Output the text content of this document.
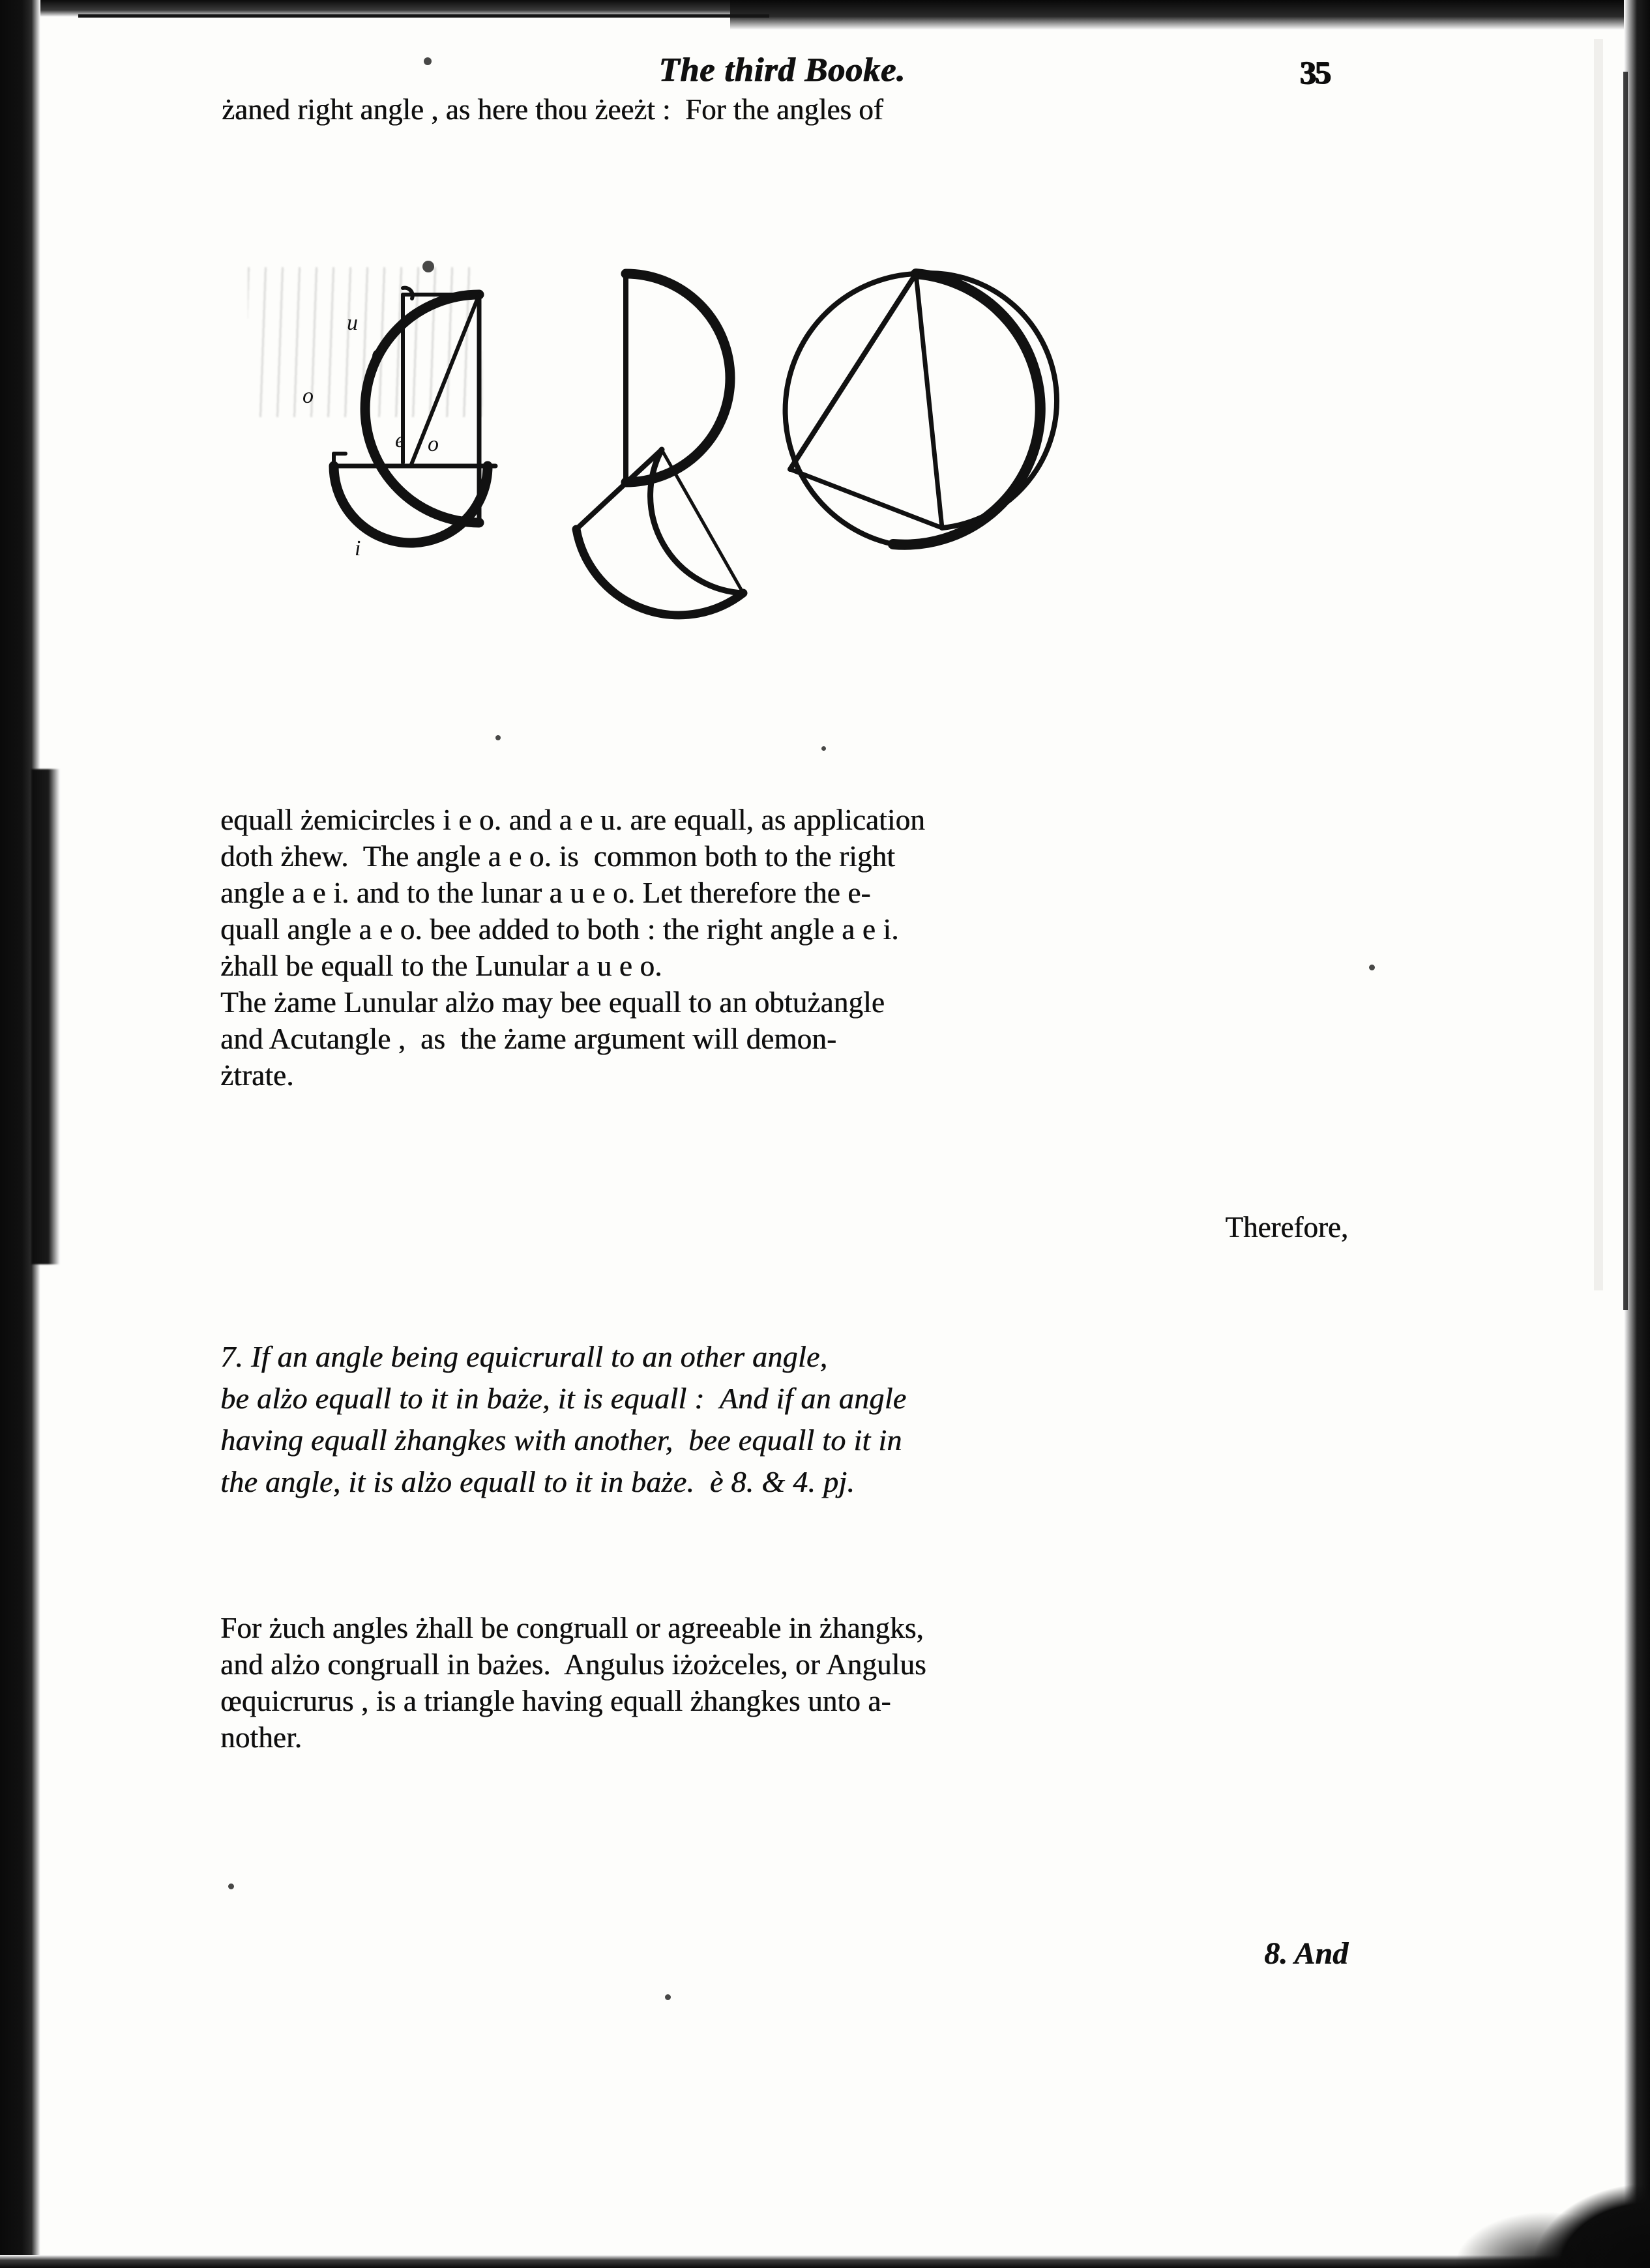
The third Booke.	35
żaned right angle , as here thou żeeżt :  For the angles of
equall żemicircles i e o. and a e u. are equall, as application
doth żhew.  The angle a e o. is  common both to the right
angle a e i. and to the lunar a u e o. Let therefore the e-
quall angle a e o. bee added to both : the right angle a e i.
żhall be equall to the Lunular a u e o.
The żame Lunular alżo may bee equall to an obtużangle
and Acutangle ,  as  the żame argument will demon-
żtrate.
Therefore,
7. If an angle being equicrurall to an other angle,
be alżo equall to it in baże, it is equall :  And if an angle
having equall żhangkes with another,  bee equall to it in
the angle, it is alżo equall to it in baże.  è 8. & 4. pj.
For żuch angles żhall be congruall or agreeable in żhangks,
and alżo congruall in bażes.  Angulus iżożceles, or Angulus
œquicrurus , is a triangle having equall żhangkes unto a-
nother.
8. And
a
o
u
e o
i
